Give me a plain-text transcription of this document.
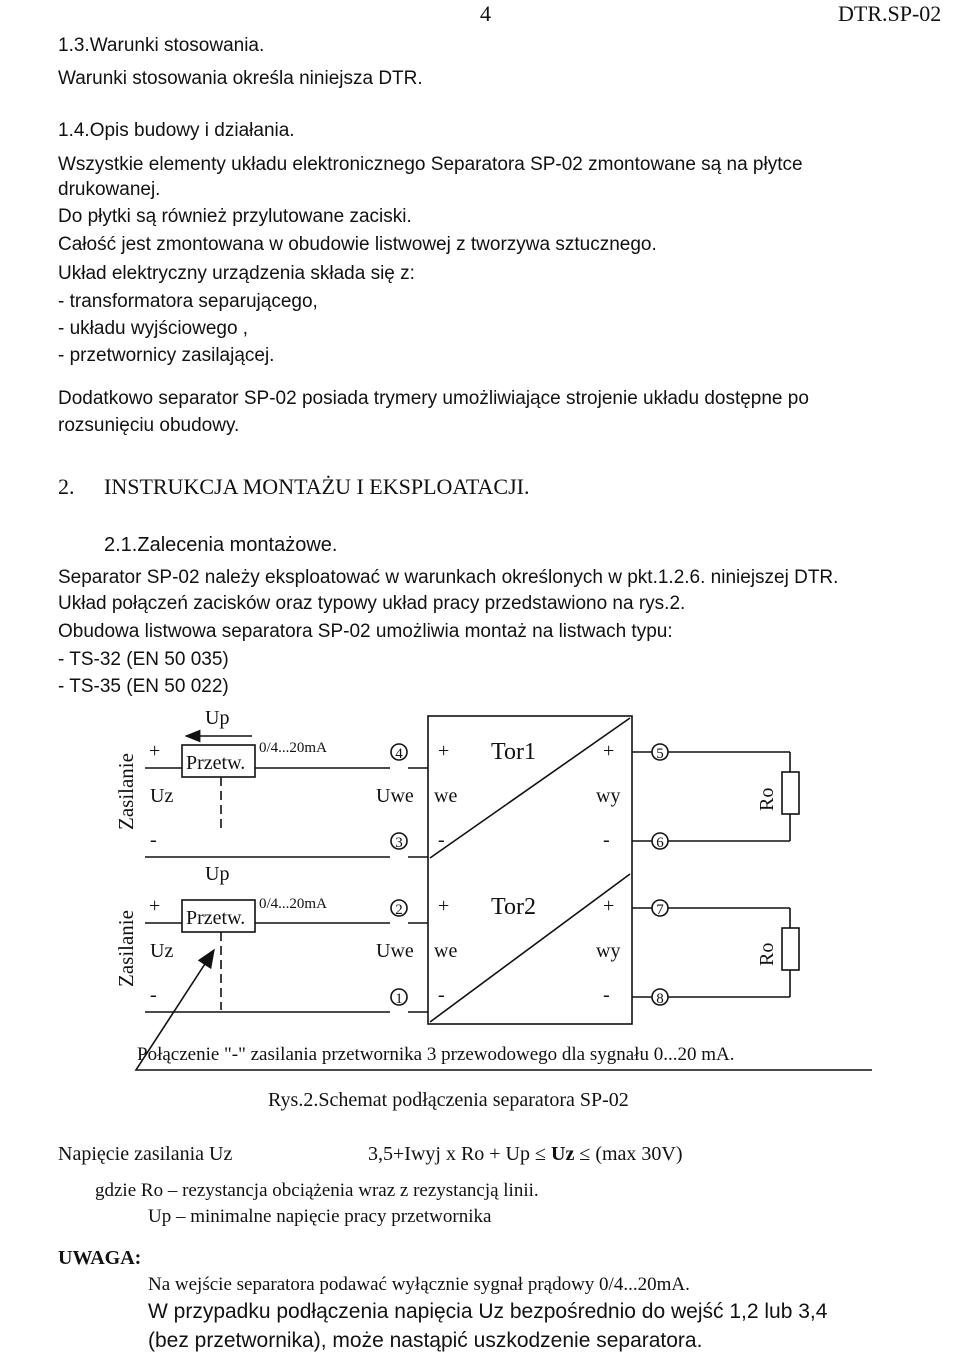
4	DTR.SP-02
1.3.Warunki stosowania.
Warunki stosowania określa niniejsza DTR.
1.4.Opis budowy i działania.
Wszystkie elementy układu elektronicznego Separatora SP-02 zmontowane są na płytce
drukowanej.
Do płytki są również przylutowane zaciski.
Całość jest zmontowana w obudowie listwowej z tworzywa sztucznego.
Układ elektryczny urządzenia składa się z:
- transformatora separującego,
- układu wyjściowego ,
- przetwornicy zasilającej.
Dodatkowo separator SP-02 posiada trymery umożliwiające strojenie układu dostępne po
rozsunięciu obudowy.
2. INSTRUKCJA MONTAŻU I EKSPLOATACJI.
2.1.Zalecenia montażowe.
Separator SP-02 należy eksploatować w warunkach określonych w pkt.1.2.6. niniejszej DTR.
Układ połączeń zacisków oraz typowy układ pracy przedstawiono na rys.2.
Obudowa listwowa separatora SP-02 umożliwia montaż na listwach typu:
- TS-32 (EN 50 035)
- TS-35 (EN 50 022)
Zasilanie
+
Uz
-
Up
Przetw.
0/4...20mA	4
3
5
6
Uwe
+
we
-
Tor1	+
wy
-
Ro
Zasilanie
Up
+
Uz
-
Przetw.
0/4...20mA	2
1
7
8
Uwe
+
we
-
Tor2	+
wy
-
Ro
Połączenie "-" zasilania przetwornika 3 przewodowego dla sygnału 0...20 mA.
Rys.2.Schemat podłączenia separatora SP-02
Napięcie zasilania Uz	3,5+Iwyj x Ro + Up ≤ Uz ≤ (max 30V)
gdzie Ro – rezystancja obciążenia wraz z rezystancją linii.
Up – minimalne napięcie pracy przetwornika
UWAGA:
Na wejście separatora podawać wyłącznie sygnał prądowy 0/4...20mA.
W przypadku podłączenia napięcia Uz bezpośrednio do wejść 1,2 lub 3,4
(bez przetwornika), może nastąpić uszkodzenie separatora.
